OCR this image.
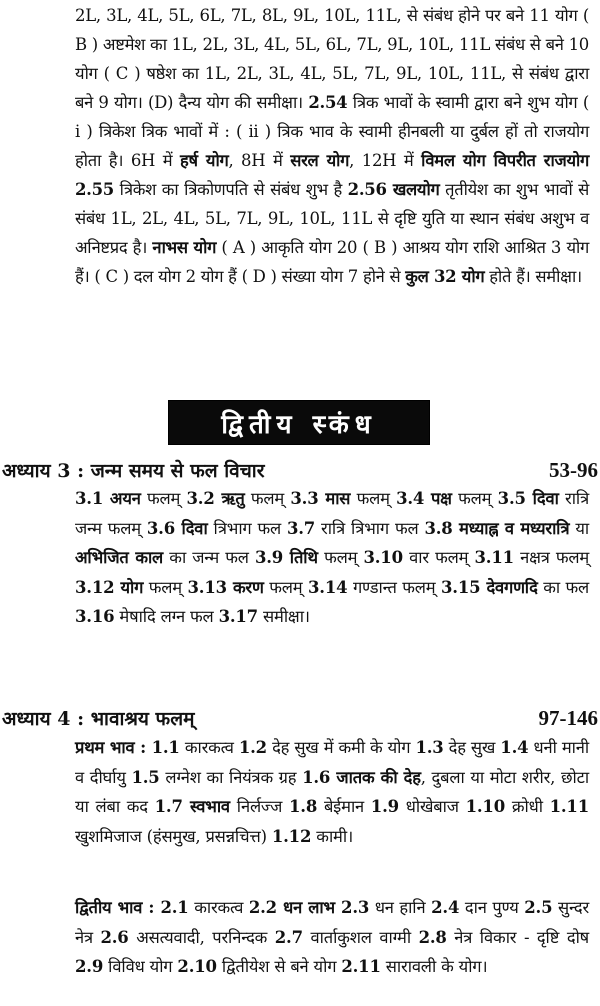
2L, 3L, 4L, 5L, 6L, 7L, 8L, 9L, 10L, 11L, से संबंध होने पर बने 11 योग ( B ) अष्टमेश का 1L, 2L, 3L, 4L, 5L, 6L, 7L, 9L, 10L, 11L संबंध से बने 10 योग ( C ) षष्ठेश का 1L, 2L, 3L, 4L, 5L, 7L, 9L, 10L, 11L, से संबंध द्वारा बने 9 योग। (D) दैन्य योग की समीक्षा। 2.54 त्रिक भावों के स्वामी द्वारा बने शुभ योग ( i ) त्रिकेश त्रिक भावों में : ( ii ) त्रिक भाव के स्वामी हीनबली या दुर्बल हों तो राजयोग होता है। 6H में हर्ष योग, 8H में सरल योग, 12H में विमल योग विपरीत राजयोग 2.55 त्रिकेश का त्रिकोणपति से संबंध शुभ है 2.56 खलयोग तृतीयेश का शुभ भावों से संबंध 1L, 2L, 4L, 5L, 7L, 9L, 10L, 11L से दृष्टि युति या स्थान संबंध अशुभ व अनिष्टप्रद है। नाभस योग ( A ) आकृति योग 20 ( B ) आश्रय योग राशि आश्रित 3 योग हैं। ( C ) दल योग 2 योग हैं ( D ) संख्या योग 7 होने से कुल 32 योग होते हैं। समीक्षा।
द्वितीय स्कंध
अध्याय 3 : जन्म समय से फल विचार	53-96
3.1 अयन फलम् 3.2 ऋतु फलम् 3.3 मास फलम् 3.4 पक्ष फलम् 3.5 दिवा रात्रि जन्म फलम् 3.6 दिवा त्रिभाग फल 3.7 रात्रि त्रिभाग फल 3.8 मध्याह्न व मध्यरात्रि या अभिजित काल का जन्म फल 3.9 तिथि फलम् 3.10 वार फलम् 3.11 नक्षत्र फलम् 3.12 योग फलम् 3.13 करण फलम् 3.14 गण्डान्त फलम् 3.15 देवगणदि का फल 3.16 मेषादि लग्न फल 3.17 समीक्षा।
अध्याय 4 : भावाश्रय फलम्	97-146
प्रथम भाव : 1.1 कारकत्व 1.2 देह सुख में कमी के योग 1.3 देह सुख 1.4 धनी मानी व दीर्घायु 1.5 लग्नेश का नियंत्रक ग्रह 1.6 जातक की देह, दुबला या मोटा शरीर, छोटा या लंबा कद 1.7 स्वभाव निर्लज्ज 1.8 बेईमान 1.9 धोखेबाज 1.10 क्रोधी 1.11 खुशमिजाज (हंसमुख, प्रसन्नचित्त) 1.12 कामी।
द्वितीय भाव : 2.1 कारकत्व 2.2 धन लाभ 2.3 धन हानि 2.4 दान पुण्य 2.5 सुन्दर नेत्र 2.6 असत्यवादी, परनिन्दक 2.7 वार्ताकुशल वाग्मी 2.8 नेत्र विकार - दृष्टि दोष 2.9 विविध योग 2.10 द्वितीयेश से बने योग 2.11 सारावली के योग।
